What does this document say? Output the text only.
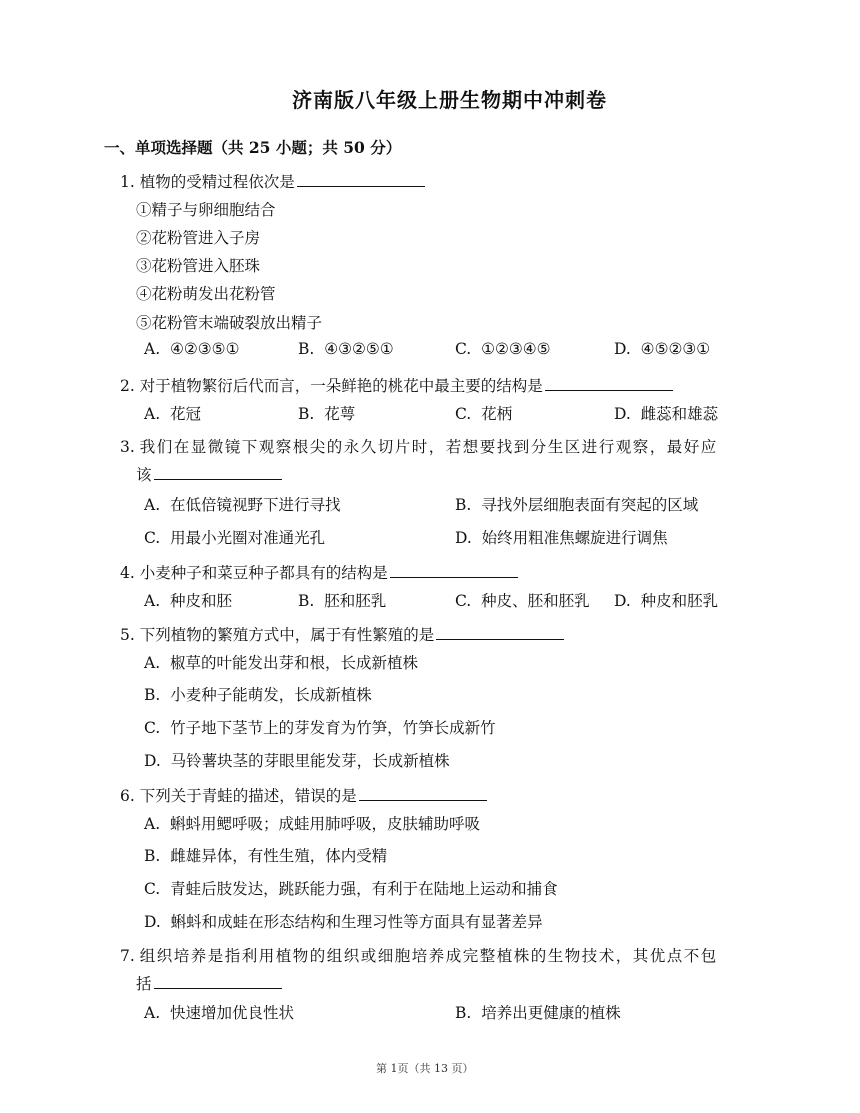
济南版八年级上册生物期中冲刺卷
一、单项选择题（共 25 小题；共 50 分）
1. 植物的受精过程依次是
①精子与卵细胞结合
②花粉管进入子房
③花粉管进入胚珠
④花粉萌发出花粉管
⑤花粉管末端破裂放出精子
A. ④②③⑤①	B. ④③②⑤①	C. ①②③④⑤	D. ④⑤②③①
2. 对于植物繁衍后代而言，一朵鲜艳的桃花中最主要的结构是
A. 花冠	B. 花萼	C. 花柄	D. 雌蕊和雄蕊
3. 我们在显微镜下观察根尖的永久切片时，若想要找到分生区进行观察，最好应
该
A. 在低倍镜视野下进行寻找	B. 寻找外层细胞表面有突起的区域
C. 用最小光圈对准通光孔	D. 始终用粗准焦螺旋进行调焦
4. 小麦种子和菜豆种子都具有的结构是
A. 种皮和胚	B. 胚和胚乳	C. 种皮、胚和胚乳 D. 种皮和胚乳
5. 下列植物的繁殖方式中，属于有性繁殖的是
A. 椒草的叶能发出芽和根，长成新植株
B. 小麦种子能萌发，长成新植株
C. 竹子地下茎节上的芽发育为竹笋，竹笋长成新竹
D. 马铃薯块茎的芽眼里能发芽，长成新植株
6. 下列关于青蛙的描述，错误的是
A. 蝌蚪用鳃呼吸；成蛙用肺呼吸，皮肤辅助呼吸
B. 雌雄异体，有性生殖，体内受精
C. 青蛙后肢发达，跳跃能力强，有利于在陆地上运动和捕食
D. 蝌蚪和成蛙在形态结构和生理习性等方面具有显著差异
7. 组织培养是指利用植物的组织或细胞培养成完整植株的生物技术，其优点不包
括
A. 快速增加优良性状	B. 培养出更健康的植株
第 1页（共 13 页）
